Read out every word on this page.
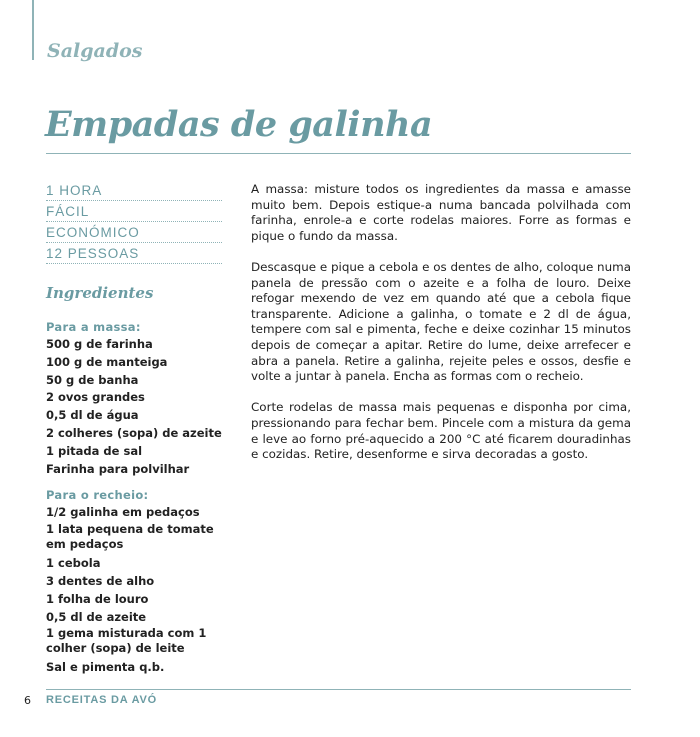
Salgados
Empadas de galinha
1 HORA
FÁCIL
ECONÓMICO
12 PESSOAS
Ingredientes
Para a massa:
500 g de farinha
100 g de manteiga
50 g de banha
2 ovos grandes
0,5 dl de água
2 colheres (sopa) de azeite
1 pitada de sal
Farinha para polvilhar
Para o recheio:
1/2 galinha em pedaços
1 lata pequena de tomate em pedaços
1 cebola
3 dentes de alho
1 folha de louro
0,5 dl de azeite
1 gema misturada com 1 colher (sopa) de leite
Sal e pimenta q.b.

A massa: misture todos os ingredientes da massa e amasse muito bem. Depois estique-a numa bancada polvilhada com farinha, enrole-a e corte rodelas maiores. Forre as formas e pique o fundo da massa.

Descasque e pique a cebola e os dentes de alho, coloque numa panela de pressão com o azeite e a folha de louro. Deixe refogar mexendo de vez em quando até que a cebola fique transparente. Adicione a galinha, o tomate e 2 dl de água, tempere com sal e pimenta, feche e deixe cozinhar 15 minutos depois de começar a apitar. Retire do lume, deixe arrefecer e abra a panela. Retire a galinha, rejeite peles e ossos, desfie e volte a juntar à panela. Encha as formas com o recheio.

Corte rodelas de massa mais pequenas e disponha por cima, pressionando para fechar bem. Pincele com a mistura da gema e leve ao forno pré-aquecido a 200 °C até ficarem douradinhas e cozidas. Retire, desenforme e sirva decoradas a gosto.

6 RECEITAS DA AVÓ
